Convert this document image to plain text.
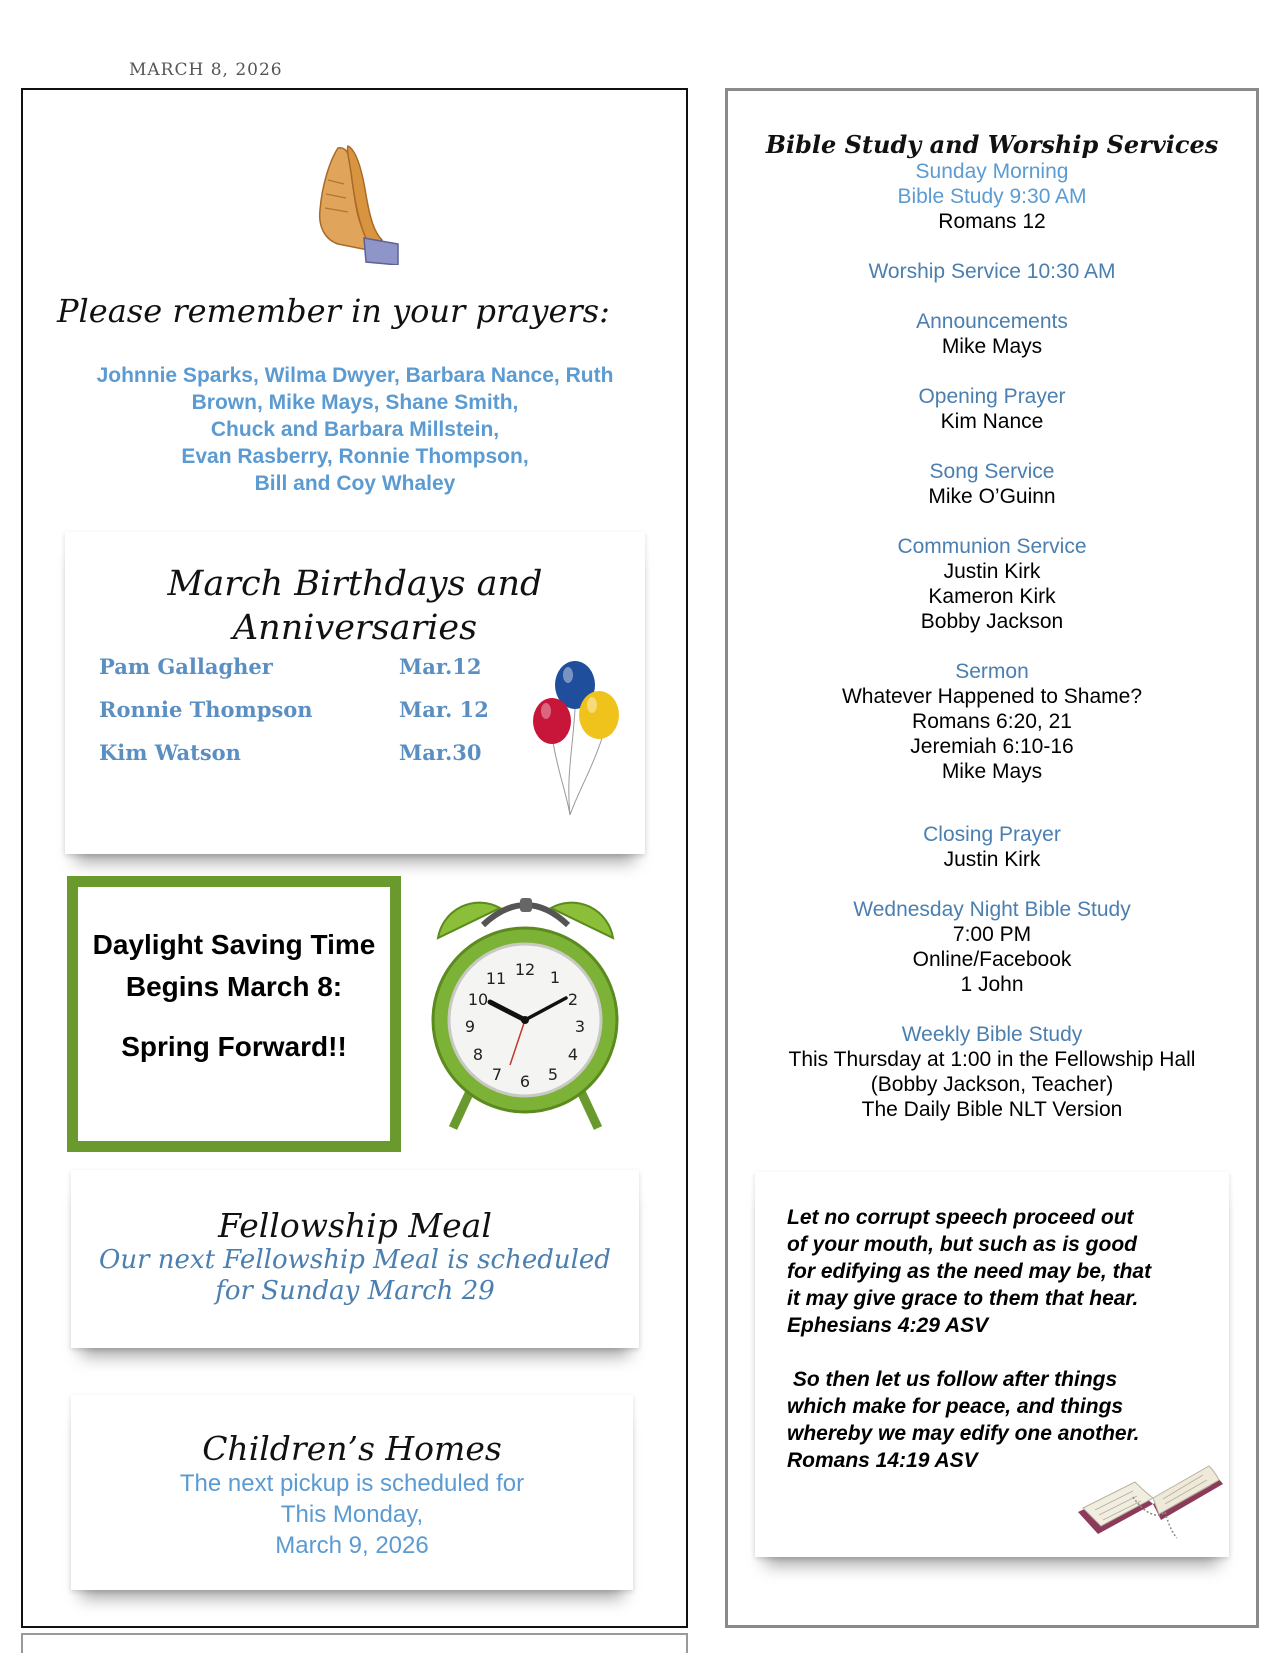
MARCH 8, 2026
Please remember in your prayers:
Johnnie Sparks, Wilma Dwyer, Barbara Nance, Ruth
Brown, Mike Mays, Shane Smith,
Chuck and Barbara Millstein,
Evan Rasberry, Ronnie Thompson,
Bill and Coy Whaley
March Birthdays and
Anniversaries
Pam Gallagher	Mar.12
Ronnie Thompson	Mar. 12
Kim Watson	Mar.30
Daylight Saving Time
Begins March 8:
Spring Forward!!
12 1
2
3
4
5
6
7
8
9
10
11
Fellowship Meal
Our next Fellowship Meal is scheduled
for Sunday March 29
Children’s Homes
The next pickup is scheduled for
This Monday,
March 9, 2026
Bible Study and Worship Services
Sunday Morning
Bible Study 9:30 AM
Romans 12
Worship Service 10:30 AM
Announcements
Mike Mays
Opening Prayer
Kim Nance
Song Service
Mike O’Guinn
Communion Service
Justin Kirk
Kameron Kirk
Bobby Jackson
Sermon
Whatever Happened to Shame?
Romans 6:20, 21
Jeremiah 6:10-16
Mike Mays
Closing Prayer
Justin Kirk
Wednesday Night Bible Study
7:00 PM
Online/Facebook
1 John
Weekly Bible Study
This Thursday at 1:00 in the Fellowship Hall
(Bobby Jackson, Teacher)
The Daily Bible NLT Version
Let no corrupt speech proceed out
of your mouth, but such as is good
for edifying as the need may be, that
it may give grace to them that hear.
Ephesians 4:29 ASV
So then let us follow after things
which make for peace, and things
whereby we may edify one another.
Romans 14:19 ASV
